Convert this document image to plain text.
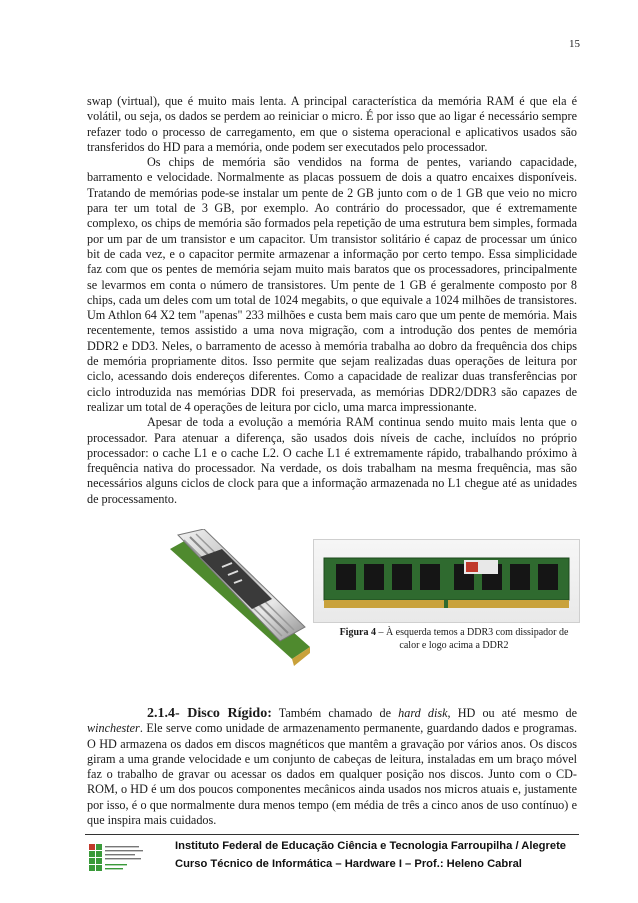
15

swap (virtual), que é muito mais lenta. A principal característica da memória RAM é que ela é volátil, ou seja, os dados se perdem ao reiniciar o micro. É por isso que ao ligar é necessário sempre refazer todo o processo de carregamento, em que o sistema operacional e aplicativos usados são transferidos do HD para a memória, onde podem ser executados pelo processador.

Os chips de memória são vendidos na forma de pentes, variando capacidade, barramento e velocidade. Normalmente as placas possuem de dois a quatro encaixes disponíveis. Tratando de memórias pode-se instalar um pente de 2 GB junto com o de 1 GB que veio no micro para ter um total de 3 GB, por exemplo. Ao contrário do processador, que é extremamente complexo, os chips de memória são formados pela repetição de uma estrutura bem simples, formada por um par de um transistor e um capacitor. Um transistor solitário é capaz de processar um único bit de cada vez, e o capacitor permite armazenar a informação por certo tempo. Essa simplicidade faz com que os pentes de memória sejam muito mais baratos que os processadores, principalmente se levarmos em conta o número de transistores. Um pente de 1 GB é geralmente composto por 8 chips, cada um deles com um total de 1024 megabits, o que equivale a 1024 milhões de transistores. Um Athlon 64 X2 tem "apenas" 233 milhões e custa bem mais caro que um pente de memória. Mais recentemente, temos assistido a uma nova migração, com a introdução dos pentes de memória DDR2 e DD3. Neles, o barramento de acesso à memória trabalha ao dobro da frequência dos chips de memória propriamente ditos. Isso permite que sejam realizadas duas operações de leitura por ciclo, acessando dois endereços diferentes. Como a capacidade de realizar duas transferências por ciclo introduzida nas memórias DDR foi preservada, as memórias DDR2/DDR3 são capazes de realizar um total de 4 operações de leitura por ciclo, uma marca impressionante.

Apesar de toda a evolução a memória RAM continua sendo muito mais lenta que o processador. Para atenuar a diferença, são usados dois níveis de cache, incluídos no próprio processador: o cache L1 e o cache L2. O cache L1 é extremamente rápido, trabalhando próximo à frequência nativa do processador. Na verdade, os dois trabalham na mesma frequência, mas são necessários alguns ciclos de clock para que a informação armazenada no L1 chegue até as unidades de processamento.

Figura 4 – À esquerda temos a DDR3 com dissipador de calor e logo acima a DDR2

2.1.4- Disco Rígido: Também chamado de hard disk, HD ou até mesmo de winchester. Ele serve como unidade de armazenamento permanente, guardando dados e programas. O HD armazena os dados em discos magnéticos que mantêm a gravação por vários anos. Os discos giram a uma grande velocidade e um conjunto de cabeças de leitura, instaladas em um braço móvel faz o trabalho de gravar ou acessar os dados em qualquer posição nos discos. Junto com o CD-ROM, o HD é um dos poucos componentes mecânicos ainda usados nos micros atuais e, justamente por isso, é o que normalmente dura menos tempo (em média de três a cinco anos de uso contínuo) e que inspira mais cuidados.

Instituto Federal de Educação Ciência e Tecnologia Farroupilha / Alegrete
Curso Técnico de Informática – Hardware I – Prof.: Heleno Cabral
